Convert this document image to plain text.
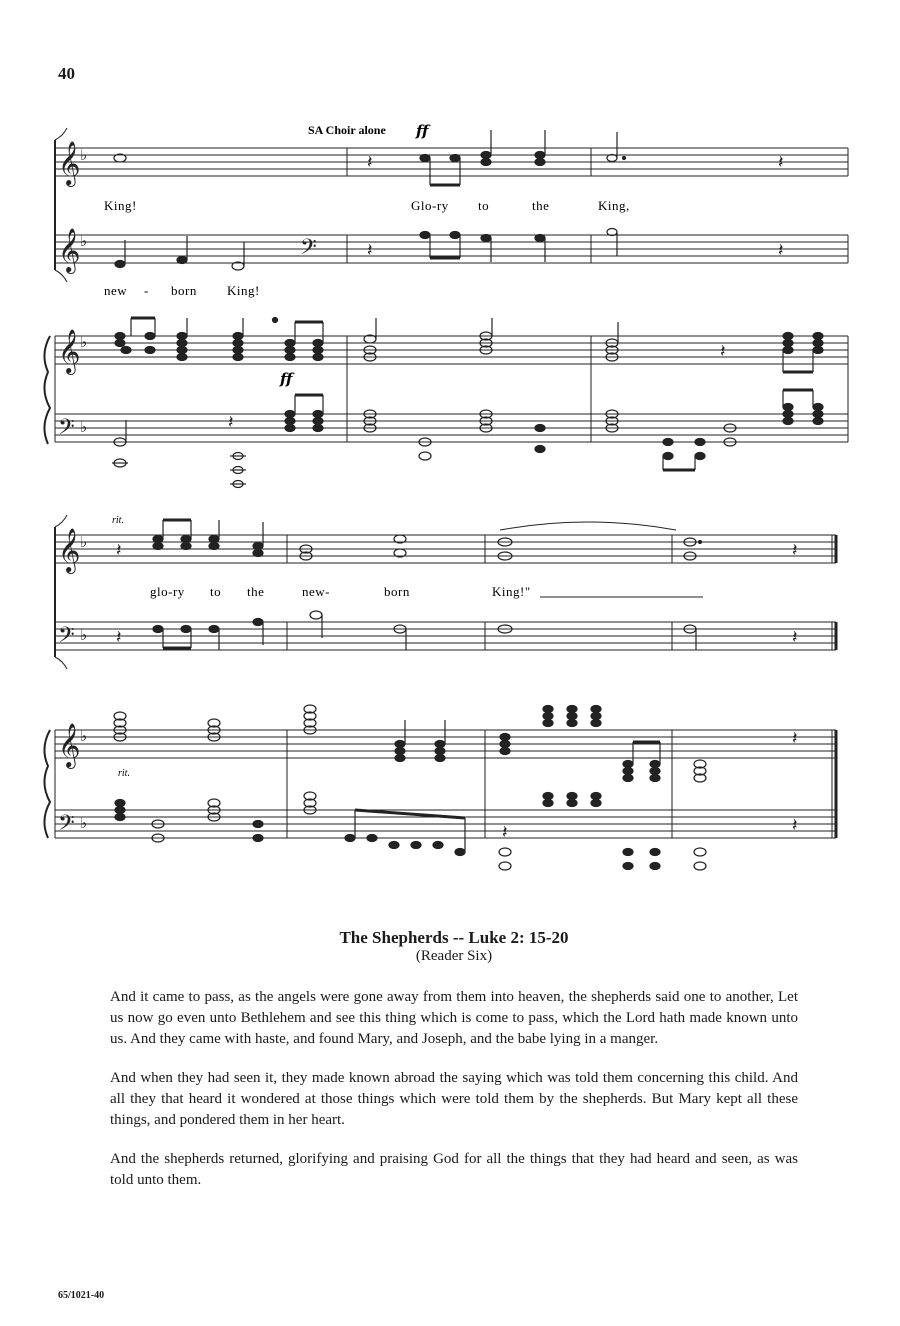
40
𝄞 ♭
𝄞 ♭	𝄢
𝄞 ♭
𝄢 ♭
𝄽	𝄽
𝄽	𝄽
𝄽
𝄽
SA Choir alone ff
ff
King!	Glo-ry to	the	King,
new - born King!
𝄞 ♭
𝄢 ♭
𝄞 ♭
𝄢 ♭
𝄽	𝄽
𝄽	𝄽
𝄽
𝄽	𝄽
rit.
rit.
glo-ry to the	new-	born	King!"

The Shepherds -- Luke 2: 15-20

(Reader Six)

And it came to pass, as the angels were gone away from them into heaven, the shepherds said one to another, Let us now go even unto Bethlehem and see this thing which is come to pass, which the Lord hath made known unto us. And they came with haste, and found Mary, and Joseph, and the babe lying in a manger.

And when they had seen it, they made known abroad the saying which was told them concerning this child. And all they that heard it wondered at those things which were told them by the shepherds. But Mary kept all these things, and pondered them in her heart.

And the shepherds returned, glorifying and praising God for all the things that they had heard and seen, as was told unto them.

65/1021-40
